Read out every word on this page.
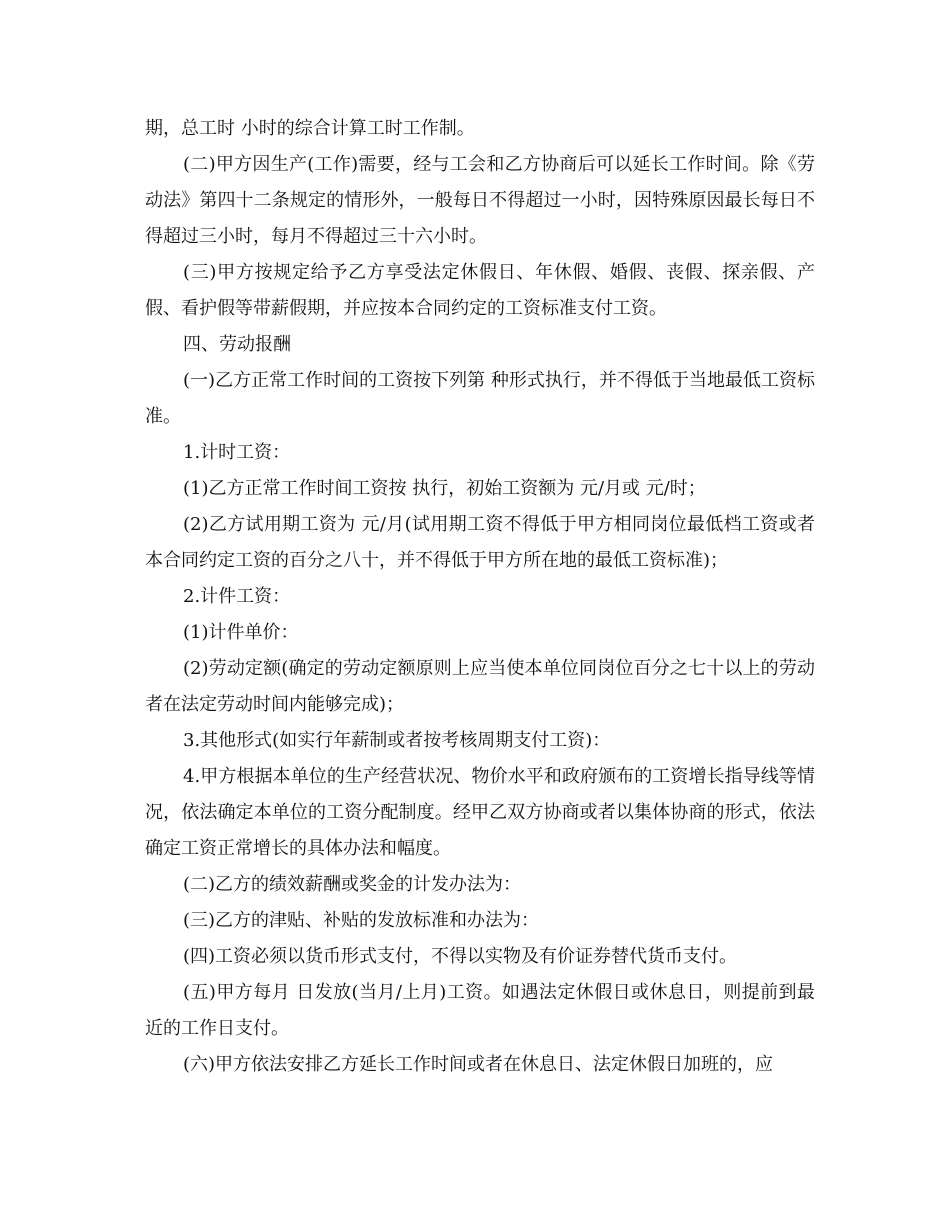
期，总工时 小时的综合计算工时工作制。

(二)甲方因生产(工作)需要，经与工会和乙方协商后可以延长工作时间。除《劳动法》第四十二条规定的情形外，一般每日不得超过一小时，因特殊原因最长每日不得超过三小时，每月不得超过三十六小时。

(三)甲方按规定给予乙方享受法定休假日、年休假、婚假、丧假、探亲假、产假、看护假等带薪假期，并应按本合同约定的工资标准支付工资。

四、劳动报酬

(一)乙方正常工作时间的工资按下列第 种形式执行，并不得低于当地最低工资标准。

1.计时工资：

(1)乙方正常工作时间工资按 执行，初始工资额为 元/月或 元/时；

(2)乙方试用期工资为 元/月(试用期工资不得低于甲方相同岗位最低档工资或者本合同约定工资的百分之八十，并不得低于甲方所在地的最低工资标准)；

2.计件工资：

(1)计件单价：

(2)劳动定额(确定的劳动定额原则上应当使本单位同岗位百分之七十以上的劳动者在法定劳动时间内能够完成)；

3.其他形式(如实行年薪制或者按考核周期支付工资)：

4.甲方根据本单位的生产经营状况、物价水平和政府颁布的工资增长指导线等情况，依法确定本单位的工资分配制度。经甲乙双方协商或者以集体协商的形式，依法确定工资正常增长的具体办法和幅度。

(二)乙方的绩效薪酬或奖金的计发办法为：

(三)乙方的津贴、补贴的发放标准和办法为：

(四)工资必须以货币形式支付，不得以实物及有价证券替代货币支付。

(五)甲方每月 日发放(当月/上月)工资。如遇法定休假日或休息日，则提前到最近的工作日支付。

(六)甲方依法安排乙方延长工作时间或者在休息日、法定休假日加班的，应
